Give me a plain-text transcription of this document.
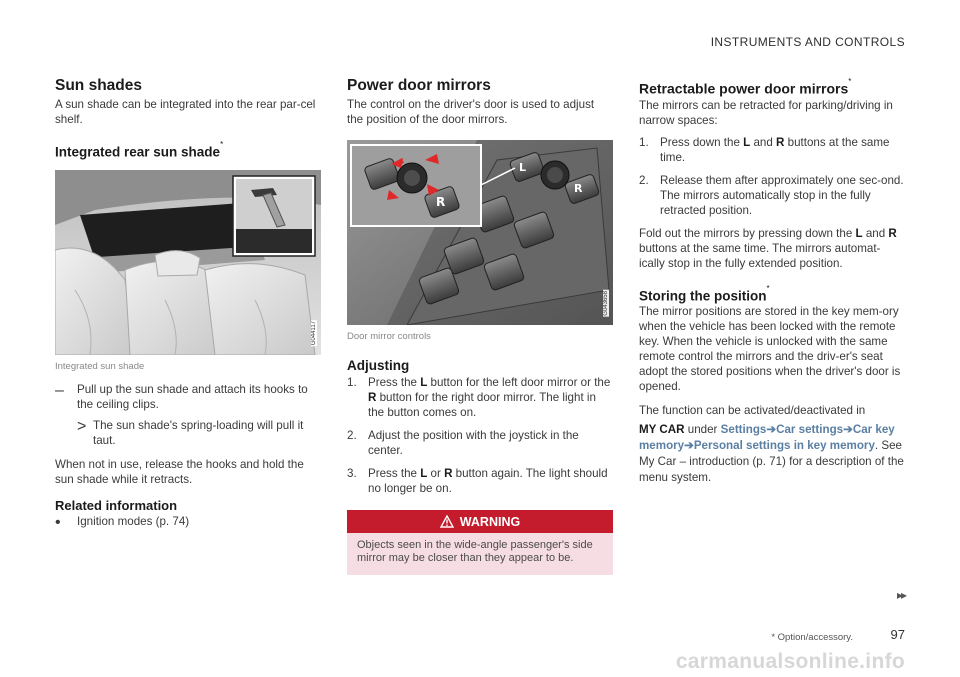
INSTRUMENTS AND CONTROLS
Sun shades

A sun shade can be integrated into the rear par-cel shelf.

Integrated rear sun shade*
G044117
Integrated sun shade
–	Pull up the sun shade and attach its hooks to the ceiling clips.

> The sun shade's spring-loading will pull it taut.

When not in use, release the hooks and hold the sun shade while it retracts.

Related information
•	Ignition modes (p. 74)

Power door mirrors

The control on the driver's door is used to adjust the position of the door mirrors.

L
R
R
G043658
Door mirror controls
Adjusting
1. Press the L button for the left door mirror or the R button for the right door mirror. The light in the button comes on.

2. Adjust the position with the joystick in the center.

3. Press the L or R button again. The light should no longer be on.

WARNING
Objects seen in the wide-angle passenger's side mirror may be closer than they appear to be.
Retractable power door mirrors*

The mirrors can be retracted for parking/driving in narrow spaces:

1. Press down the L and R buttons at the same time.

2. Release them after approximately one sec-ond. The mirrors automatically stop in the fully retracted position.

Fold out the mirrors by pressing down the L and R buttons at the same time. The mirrors automat-ically stop in the fully extended position.

Storing the position*

The mirror positions are stored in the key mem-ory when the vehicle has been locked with the remote key. When the vehicle is unlocked with the same remote control the mirrors and the driv-er's seat adopt the stored positions when the driver's door is opened.

The function can be activated/deactivated in

MY CAR under Settings➔Car settings➔Car key memory➔Personal settings in key memory. See My Car – introduction (p. 71) for a description of the menu system.

▸▸
* Option/accessory.	97
carmanualsonline.info
